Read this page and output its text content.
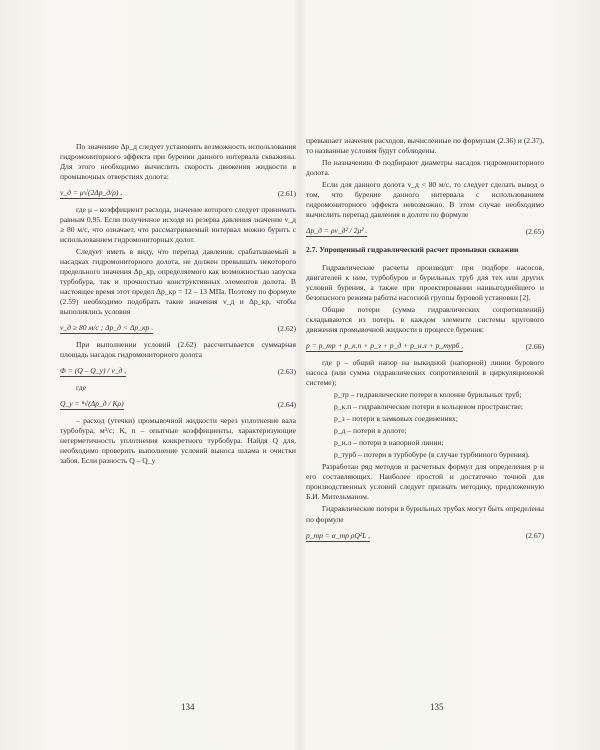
По значению Δp_д следует установить возможность использования гидромониторного эффекта при бурении данного интервала скважины. Для этого необходимо вычислить скорость движения жидкости в промывочных отверстиях долота:

v_д = μ√(2Δp_д/ρ) ,	(2.61)

где μ – коэффициент расхода, значение которого следует принимать равным 0,95. Если полученное исходя из резерва давления значение v_д ≥ 80 м/с, что означает, что рассматриваемый интервал можно бурить с использованием гидромониторных долот.

Следует иметь в виду, что перепад давления, срабатываемый в насадках гидромониторного долота, не должен превышать некоторого предельного значения Δp_кр, определяемого как возможностью запуска турбобура, так и прочностью конструктивных элементов долота. В настоящее время этот предел Δp_кр = 12 – 13 МПа. Поэтому по формуле (2.59) необходимо подобрать такие значения v_д и Δp_кр, чтобы выполнялись условия

v_д ≥ 80 м/с ; Δp_д < Δp_кр .	(2.62)

При выполнении условий (2.62) рассчитывается суммарная площадь насадок гидромониторного долота

Φ = (Q – Q_у) / v_д ,	(2.63)

где

Q_у = ⁿ√(Δp_д / Kρ)	(2.64)

– расход (утечки) промывочной жидкости через уплотнение вала турбобура, м³/с; K, n – опытные коэффициенты, характеризующие негерметичность уплотнения конкретного турбобура. Найдя Q для, необходимо проверить выполнение условий выноса шлама и очистки забоя. Если разность Q – Q_у

134

превышает значения расходов, вычисленные по формулам (2.36) и (2.37), то названные условия будут соблюдены.

По назначению Φ подбирают диаметры насадок гидромониторного долота.

Если для данного долота v_д < 80 м/с, то следует сделать вывод о том, что бурение данного интервала с использованием гидромониторного эффекта невозможно. В этом случае необходимо вычислить перепад давления в долоте по формуле

Δp_д = ρv_д² / 2μ² .	(2.65)

2.7. Упрощенный гидравлический расчет промывки скважин

Гидравлические расчеты производят при подборе насосов, двигателей к ним, турбобуров и бурильных труб для тех или других условий бурения, а также при проектировании наивыгоднейшего и безопасного режима работы насосной группы буровой установки [2].

Общие потери (сумма гидравлических сопротивлений) складываются из потерь в каждом элементе системы кругового движения промывочной жидкости в процессе бурения:

p = p_тр + p_к.п + p_з + p_д + p_н.л + p_турб ,	(2.66)

где p – общий напор на выкидной (напорной) линии бурового насоса (или сумма гидравлических сопротивлений в циркуляционной системе);

p_тр – гидравлические потери в колонне бурильных труб;

p_к.п – гидравлические потери в кольцевом пространстве;

p_з – потери в замковых соединениях;

p_д – потери в долоте;

p_н.л – потери в напорной линии;

p_турб – потери в турбобуре (в случае турбинного бурения).

Разработан ряд методов и расчетных формул для определения p и его составляющих. Наиболее простой и достаточно точной для производственных условий следует признать методику, предложенную Б.И. Мительманом.

Гидравлические потери в бурильных трубах могут быть определены по формуле

p_тр = α_тр ρQ²L ,	(2.67)
135
